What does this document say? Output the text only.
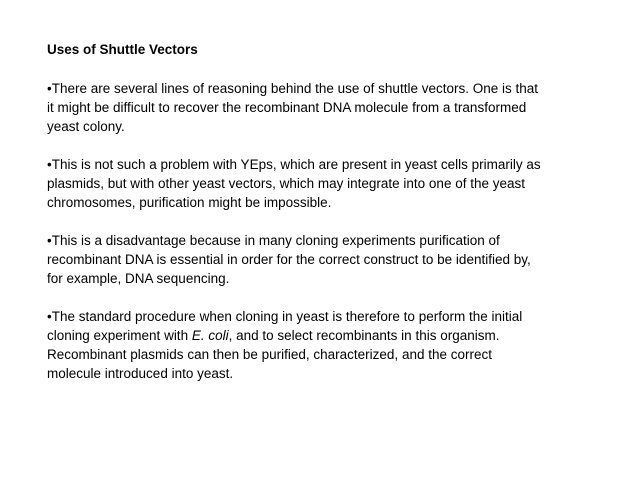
Uses of Shuttle Vectors
•There are several lines of reasoning behind the use of shuttle vectors. One is that
it might be difficult to recover the recombinant DNA molecule from a transformed
yeast colony.
•This is not such a problem with YEps, which are present in yeast cells primarily as
plasmids, but with other yeast vectors, which may integrate into one of the yeast
chromosomes, purification might be impossible.
•This is a disadvantage because in many cloning experiments purification of
recombinant DNA is essential in order for the correct construct to be identified by,
for example, DNA sequencing.
•The standard procedure when cloning in yeast is therefore to perform the initial
cloning experiment with E. coli, and to select recombinants in this organism.
Recombinant plasmids can then be purified, characterized, and the correct
molecule introduced into yeast.
